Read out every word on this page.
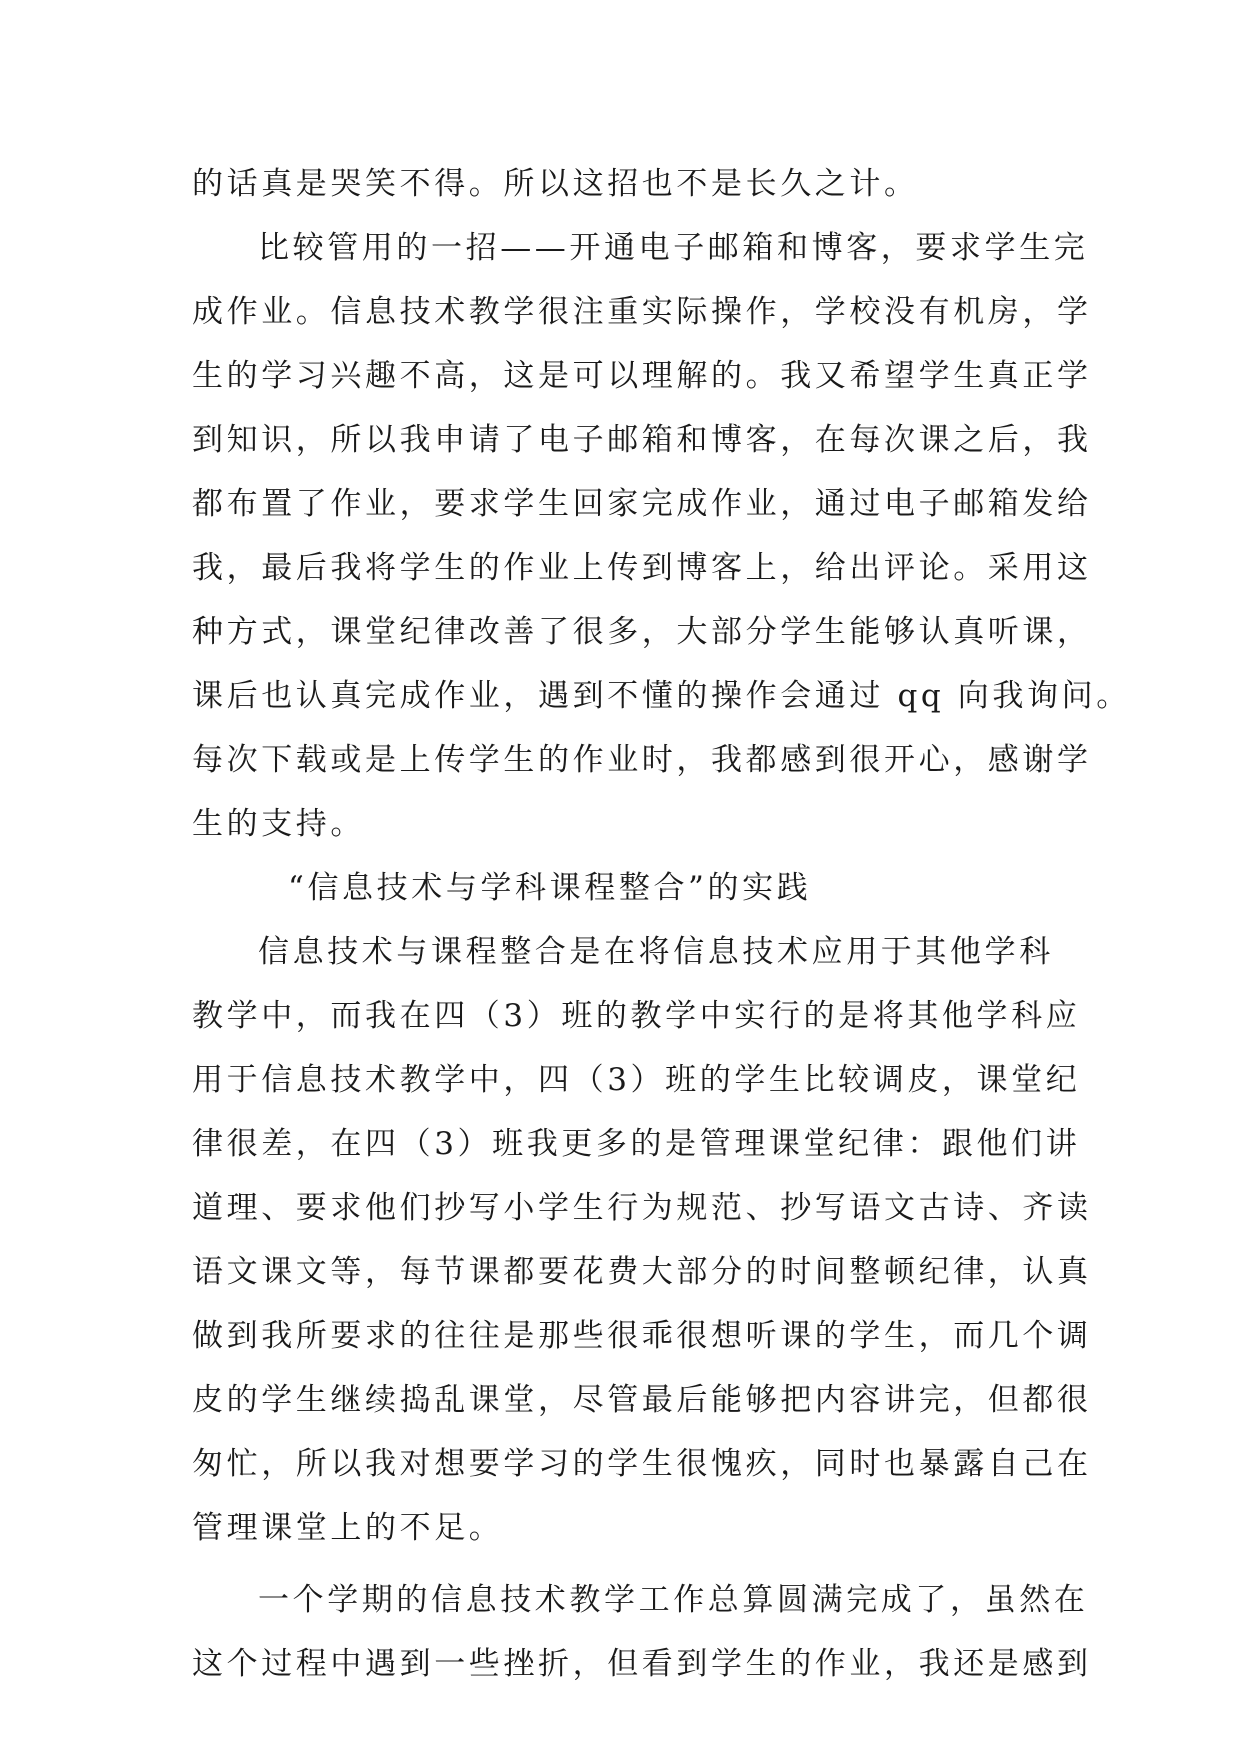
的话真是哭笑不得。所以这招也不是长久之计。
比较管用的一招——开通电子邮箱和博客，要求学生完
成作业。信息技术教学很注重实际操作，学校没有机房，学
生的学习兴趣不高，这是可以理解的。我又希望学生真正学
到知识，所以我申请了电子邮箱和博客，在每次课之后，我
都布置了作业，要求学生回家完成作业，通过电子邮箱发给
我，最后我将学生的作业上传到博客上，给出评论。采用这
种方式，课堂纪律改善了很多，大部分学生能够认真听课，
课后也认真完成作业，遇到不懂的操作会通过 qq 向我询问。
每次下载或是上传学生的作业时，我都感到很开心，感谢学
生的支持。
“信息技术与学科课程整合”的实践
信息技术与课程整合是在将信息技术应用于其他学科
教学中，而我在四（3）班的教学中实行的是将其他学科应
用于信息技术教学中，四（3）班的学生比较调皮，课堂纪
律很差，在四（3）班我更多的是管理课堂纪律：跟他们讲
道理、要求他们抄写小学生行为规范、抄写语文古诗、齐读
语文课文等，每节课都要花费大部分的时间整顿纪律，认真
做到我所要求的往往是那些很乖很想听课的学生，而几个调
皮的学生继续捣乱课堂，尽管最后能够把内容讲完，但都很
匆忙，所以我对想要学习的学生很愧疚，同时也暴露自己在
管理课堂上的不足。
一个学期的信息技术教学工作总算圆满完成了，虽然在
这个过程中遇到一些挫折，但看到学生的作业，我还是感到
